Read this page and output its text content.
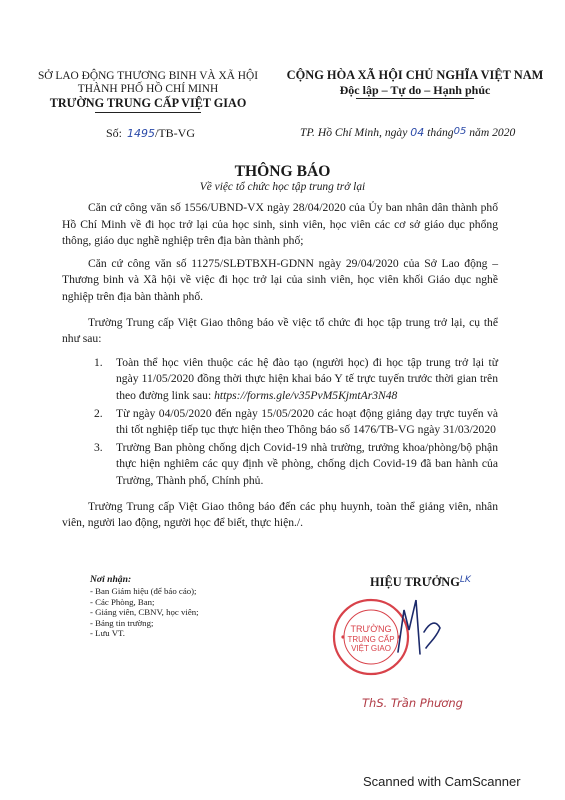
SỞ LAO ĐỘNG THƯƠNG BINH VÀ XÃ HỘI
THÀNH PHỐ HỒ CHÍ MINH
TRƯỜNG TRUNG CẤP VIỆT GIAO
CỘNG HÒA XÃ HỘI CHỦ NGHĨA VIỆT NAM
Độc lập – Tự do – Hạnh phúc
Số: 1495/TB-VG	TP. Hồ Chí Minh, ngày 04 tháng05 năm 2020
THÔNG BÁO
Về việc tổ chức học tập trung trở lại
Căn cứ công văn số 1556/UBND-VX ngày 28/04/2020 của Ủy ban nhân dân thành phố Hồ Chí Minh về đi học trở lại của học sinh, sinh viên, học viên các cơ sở giáo dục phổng thông, giáo dục nghề nghiệp trên địa bàn thành phố;
Căn cứ công văn số 11275/SLĐTBXH-GDNN ngày 29/04/2020 của Sở Lao động – Thương binh và Xã hội về việc đi học trở lại của sinh viên, học viên khối Giáo dục nghề nghiệp trên địa bàn thành phố.
Trường Trung cấp Việt Giao thông báo về việc tổ chức đi học tập trung trở lại, cụ thể như sau:
1.	Toàn thể học viên thuộc các hệ đào tạo (người học) đi học tập trung trở lại từ ngày 11/05/2020 đồng thời thực hiện khai báo Y tế trực tuyến trước thời gian trên theo đường link sau: https://forms.gle/v35PvM5KjmtAr3N48
2.	Từ ngày 04/05/2020 đến ngày 15/05/2020 các hoạt động giảng dạy trực tuyến và thi tốt nghiệp tiếp tục thực hiện theo Thông báo số 1476/TB-VG ngày 31/03/2020
3.	Trường Ban phòng chống dịch Covid-19 nhà trường, trưởng khoa/phòng/bộ phận thực hiện nghiêm các quy định về phòng, chống dịch Covid-19 đã ban hành của Trường, Thành phố, Chính phủ.
Trường Trung cấp Việt Giao thông báo đến các phụ huynh, toàn thể giảng viên, nhân viên, người lao động, người học để biết, thực hiện./.
Nơi nhận:
- Ban Giám hiệu (để báo cáo);
- Các Phòng, Ban;
- Giảng viên, CBNV, học viên;
- Bảng tin trường;
- Lưu VT.
HIỆU TRƯỞNG$^{LK}$
TRƯỜNG
TRUNG CẤP
VIỆT GIAO
ThS. Trần Phương
Scanned with CamScanner
